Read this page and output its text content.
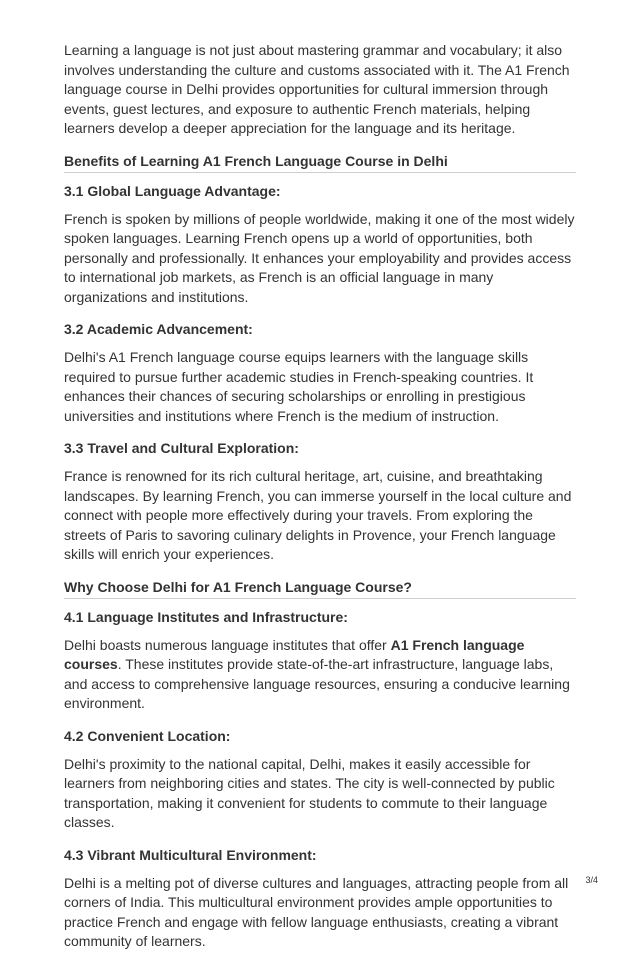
Learning a language is not just about mastering grammar and vocabulary; it also involves understanding the culture and customs associated with it. The A1 French language course in Delhi provides opportunities for cultural immersion through events, guest lectures, and exposure to authentic French materials, helping learners develop a deeper appreciation for the language and its heritage.

Benefits of Learning A1 French Language Course in Delhi
3.1 Global Language Advantage:

French is spoken by millions of people worldwide, making it one of the most widely spoken languages. Learning French opens up a world of opportunities, both personally and professionally. It enhances your employability and provides access to international job markets, as French is an official language in many organizations and institutions.

3.2 Academic Advancement:

Delhi's A1 French language course equips learners with the language skills required to pursue further academic studies in French-speaking countries. It enhances their chances of securing scholarships or enrolling in prestigious universities and institutions where French is the medium of instruction.

3.3 Travel and Cultural Exploration:

France is renowned for its rich cultural heritage, art, cuisine, and breathtaking landscapes. By learning French, you can immerse yourself in the local culture and connect with people more effectively during your travels. From exploring the streets of Paris to savoring culinary delights in Provence, your French language skills will enrich your experiences.

Why Choose Delhi for A1 French Language Course?
4.1 Language Institutes and Infrastructure:

Delhi boasts numerous language institutes that offer A1 French language courses. These institutes provide state-of-the-art infrastructure, language labs, and access to comprehensive language resources, ensuring a conducive learning environment.

4.2 Convenient Location:

Delhi's proximity to the national capital, Delhi, makes it easily accessible for learners from neighboring cities and states. The city is well-connected by public transportation, making it convenient for students to commute to their language classes.

4.3 Vibrant Multicultural Environment:

Delhi is a melting pot of diverse cultures and languages, attracting people from all corners of India. This multicultural environment provides ample opportunities to practice French and engage with fellow language enthusiasts, creating a vibrant community of learners.

3/4
